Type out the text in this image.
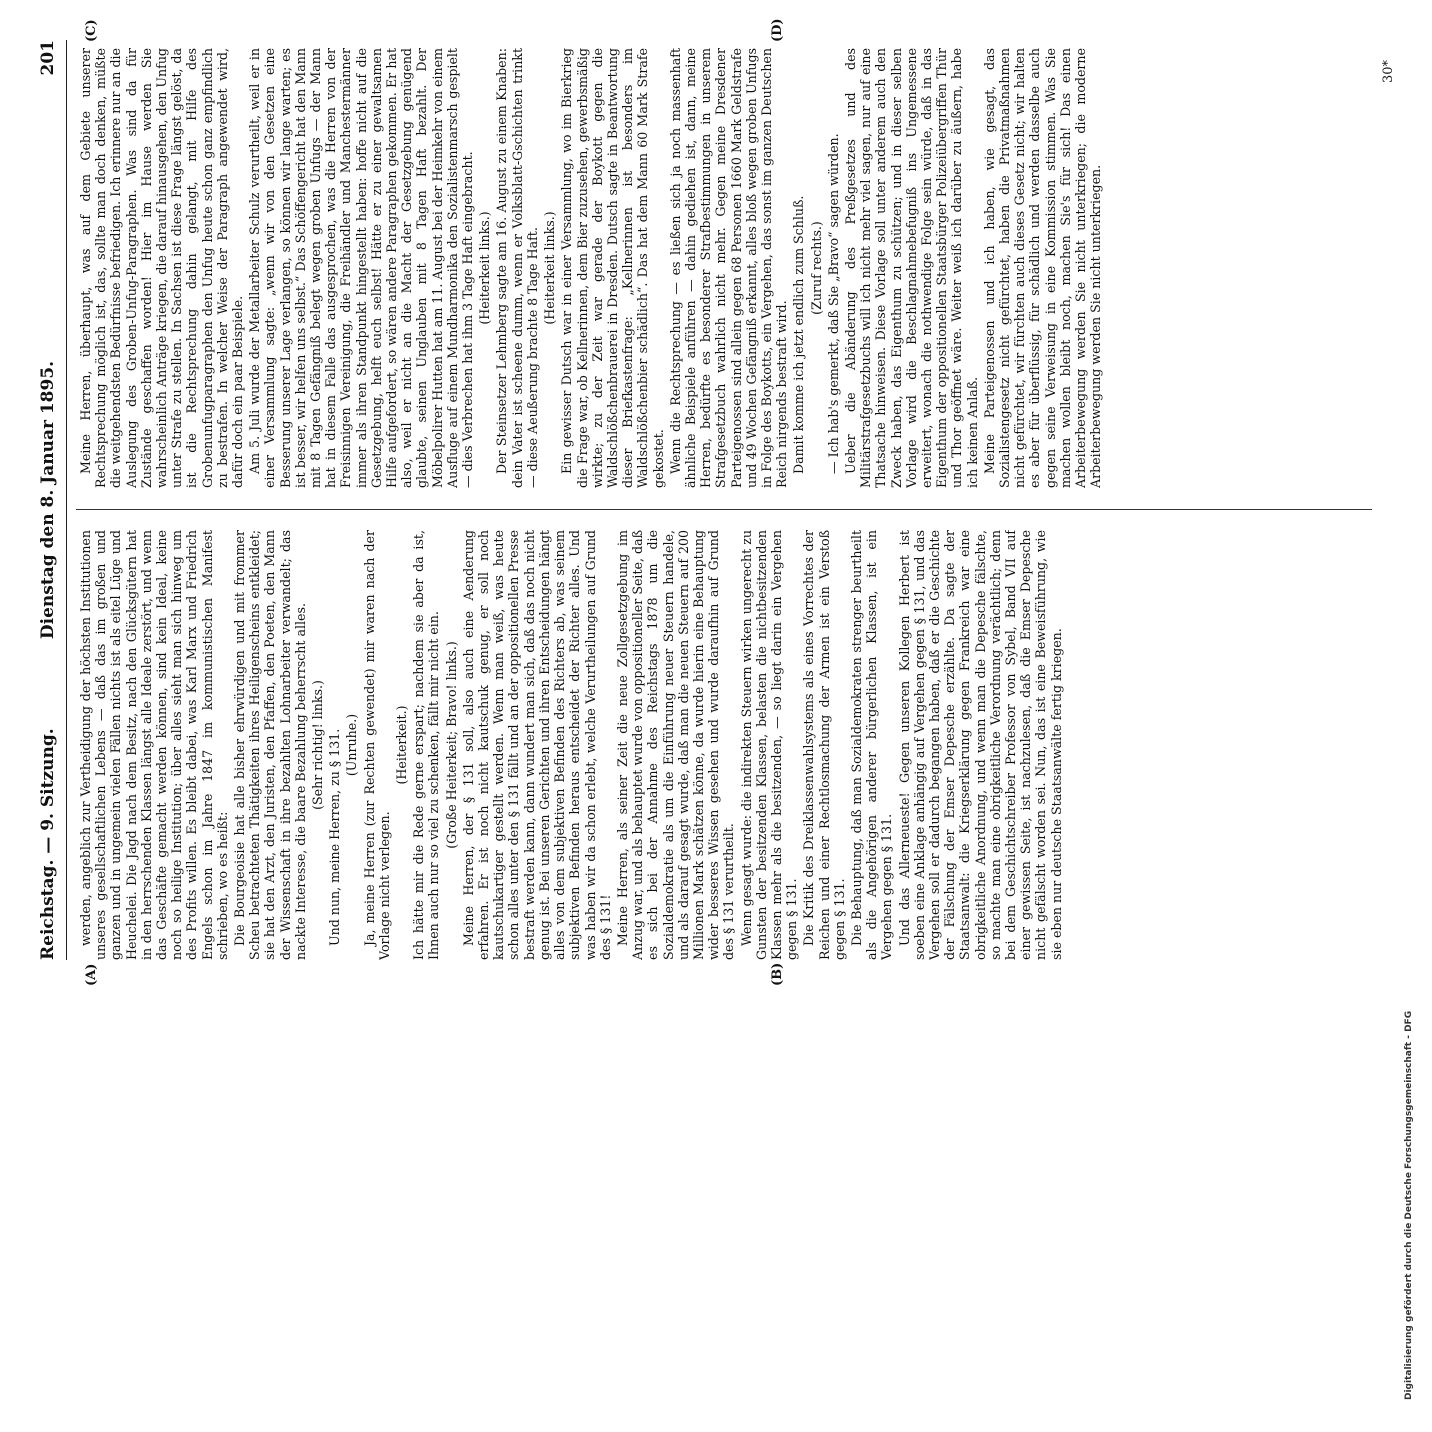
Reichstag. — 9. Sitzung.
Dienstag den 8. Januar 1895.
201
(A)	(B)
(C)	(D)

werden, angeblich zur Vertheidigung der höchsten Institutionen unseres gesellschaftlichen Lebens — daß das im großen und ganzen und in ungemein vielen Fällen nichts ist als eitel Lüge und Heuchelei. Die Jagd nach dem Besitz, nach den Glücksgütern hat in den herrschenden Klassen längst alle Ideale zerstört, und wenn das Geschäfte gemacht werden können, sind kein Ideal, keine noch so heilige Institution; über alles sieht man sich hinweg um des Profits willen. Es bleibt dabei, was Karl Marx und Friedrich Engels schon im Jahre 1847 im kommunistischen Manifest schrieben, wo es heißt: Die Bourgeoisie hat alle bisher ehrwürdigen und mit frommer Scheu betrachteten Thätigkeiten ihres Heiligenscheins entkleidet; sie hat den Arzt, den Juristen, den Pfaffen, den Poeten, den Mann der Wissenschaft in ihre bezahlten Lohnarbeiter verwandelt; das nackte Interesse, die baare Bezahlung beherrscht alles. (Sehr richtig! links.) Und nun, meine Herren, zu § 131. (Unruhe.) Ja, meine Herren (zur Rechten gewendet) mir waren nach der Vorlage nicht verlegen.

(Heiterkeit.) Ich hätte mir die Rede gerne erspart; nachdem sie aber da ist, Ihnen auch nur so viel zu schenken, fällt mir nicht ein. (Große Heiterkeit; Bravo! links.) Meine Herren, der § 131 soll, also auch eine Aenderung erfahren. Er ist noch nicht kautschuk genug, er soll noch kautschukartiger gestellt werden. Wenn man weiß, was heute schon alles unter den § 131 fällt und an der oppositionellen Presse bestraft werden kann, dann wundert man sich, daß das noch nicht genug ist. Bei unseren Gerichten und ihren Entscheidungen hängt alles von dem subjektiven Befinden des Richters ab, was seinem subjektiven Befinden heraus entscheidet der Richter alles. Und was haben wir da schon erlebt, welche Verurtheilungen auf Grund des § 131! Meine Herren, als seiner Zeit die neue Zollgesetzgebung im Anzug war, und als behauptet wurde von oppositioneller Seite, daß es sich bei der Annahme des Reichstags 1878 um die Sozialdemokratie als um die Einführung neuer Steuern handele, und als darauf gesagt wurde, daß man die neuen Steuern auf 200 Millionen Mark schätzen könne, da wurde hierin eine Behauptung wider besseres Wissen gesehen und wurde daraufhin auf Grund des § 131 verurtheilt. Wenn gesagt wurde: die indirekten Steuern wirken ungerecht zu Gunsten der besitzenden Klassen, belasten die nichtbesitzenden Klassen mehr als die besitzenden, — so liegt darin ein Vergehen gegen § 131. Die Kritik des Dreiklassenwahlsystems als eines Vorrechtes der Reichen und einer Rechtlosmachung der Armen ist ein Verstoß gegen § 131. Die Behauptung, daß man Sozialdemokraten strenger beurtheilt als die Angehörigen anderer bürgerlichen Klassen, ist ein Vergehen gegen § 131. Und das Allerneueste! Gegen unseren Kollegen Herbert ist soeben eine Anklage anhängig auf Vergehen gegen § 131, und das Vergehen soll er dadurch begangen haben, daß er die Geschichte der Fälschung der Emser Depesche erzählte. Da sagte der Staatsanwalt: die Kriegserklärung gegen Frankreich war eine obrigkeitliche Anordnung, und wenn man die Depesche fälschte, so machte man eine obrigkeitliche Verordnung verächtlich; denn bei dem Geschichtschreiber Professor von Sybel, Band VII auf einer gewissen Seite, ist nachzulesen, daß die Emser Depesche nicht gefälscht worden sei. Nun, das ist eine Beweisführung, wie sie eben nur deutsche Staatsanwälte fertig kriegen.

Meine Herren, überhaupt, was auf dem Gebiete unserer Rechtsprechung möglich ist, das, sollte man doch denken, müßte die weitgehendsten Bedürfnisse befriedigen. Ich erinnere nur an die Auslegung des Groben-Unfug-Paragraphen. Was sind da für Zustände geschaffen worden! Hier im Hause werden Sie wahrscheinlich Anträge kriegen, die darauf hinausgehen, den Unfug unter Strafe zu stellen. In Sachsen ist diese Frage längst gelöst, da ist die Rechtsprechung dahin gelangt, mit Hilfe des Grobenunfugparagraphen den Unfug heute schon ganz empfindlich zu bestrafen. In welcher Weise der Paragraph angewendet wird, dafür doch ein paar Beispiele. Am 5. Juli wurde der Metallarbeiter Schulz verurtheilt, weil er in einer Versammlung sagte: „wenn wir von den Gesetzen eine Besserung unserer Lage verlangen, so können wir lange warten; es ist besser, wir helfen uns selbst.“ Das Schöffengericht hat den Mann mit 8 Tagen Gefängniß belegt wegen groben Unfugs — der Mann hat in diesem Falle das ausgesprochen, was die Herren von der Freisinnigen Vereinigung, die Freihändler und Manchestermänner immer als ihren Standpunkt hingestellt haben: hoffe nicht auf die Gesetzgebung, helft euch selbst! Hätte er zu einer gewaltsamen Hilfe aufgefordert, so wären andere Paragraphen gekommen. Er hat also, weil er nicht an die Macht der Gesetzgebung genügend glaubte, seinen Unglauben mit 8 Tagen Haft bezahlt. Der Möbelpolirer Hutten hat am 11. August bei der Heimkehr von einem Ausfluge auf einem Mundharmonika den Sozialistenmarsch gespielt — dies Verbrechen hat ihm 3 Tage Haft eingebracht. (Heiterkeit links.) Der Steinsetzer Lehmberg sagte am 16. August zu einem Knaben: dein Vater ist scheene dumm, wenn er Volksblatt-Gschichten trinkt — diese Aeußerung brachte 8 Tage Haft. (Heiterkeit links.) Ein gewisser Dutsch war in einer Versammlung, wo im Bierkrieg die Frage war, ob Kellnerinnen, dem Bier zuzusehen, gewerbsmäßig wirkte; zu der Zeit war gerade der Boykott gegen die Waldschlößchenbrauerei in Dresden. Dutsch sagte in Beantwortung dieser Briefkastenfrage: „Kellnerinnen ist besonders im Waldschlößchenbier schädlich“. Das hat dem Mann 60 Mark Strafe gekostet. Wenn die Rechtsprechung — es ließen sich ja noch massenhaft ähnliche Beispiele anführen — dahin gediehen ist, dann, meine Herren, bedürfte es besonderer Strafbestimmungen in unserem Strafgesetzbuch wahrlich nicht mehr. Gegen meine Dresdener Parteigenossen sind allein gegen 68 Personen 1660 Mark Geldstrafe und 49 Wochen Gefängniß erkannt, alles bloß wegen groben Unfugs in Folge des Boykotts, ein Vergehen, das sonst im ganzen Deutschen Reich nirgends bestraft wird. Damit komme ich jetzt endlich zum Schluß. (Zuruf rechts.) — Ich hab's gemerkt, daß Sie „Bravo“ sagen würden. Ueber die Abänderung des Preßgesetzes und des Militärstrafgesetzbuchs will ich nicht mehr viel sagen, nur auf eine Thatsache hinweisen. Diese Vorlage soll unter anderem auch den Zweck haben, das Eigenthum zu schützen; und in dieser selben Vorlage wird die Beschlagnahmebefugniß ins Ungemessene erweitert, wonach die nothwendige Folge sein würde, daß in das Eigenthum der oppositionellen Staatsbürger Polizeiübergriffen Thür und Thor geöffnet wäre. Weiter weiß ich darüber zu äußern, habe ich keinen Anlaß. Meine Parteigenossen und ich haben, wie gesagt, das Sozialistengesetz nicht gefürchtet, haben die Privatmaßnahmen nicht gefürchtet, wir fürchten auch dieses Gesetz nicht; wir halten es aber für überflüssig, für schädlich und werden dasselbe auch gegen seine Verweisung in eine Kommission stimmen. Was Sie machen wollen bleibt noch, machen Sie's für sich! Das einen Arbeiterbewegung werden Sie nicht unterkriegen; die moderne Arbeiterbewegung werden Sie nicht unterkriegen.

30*
Digitalisierung gefördert durch die Deutsche Forschungsgemeinschaft - DFG
